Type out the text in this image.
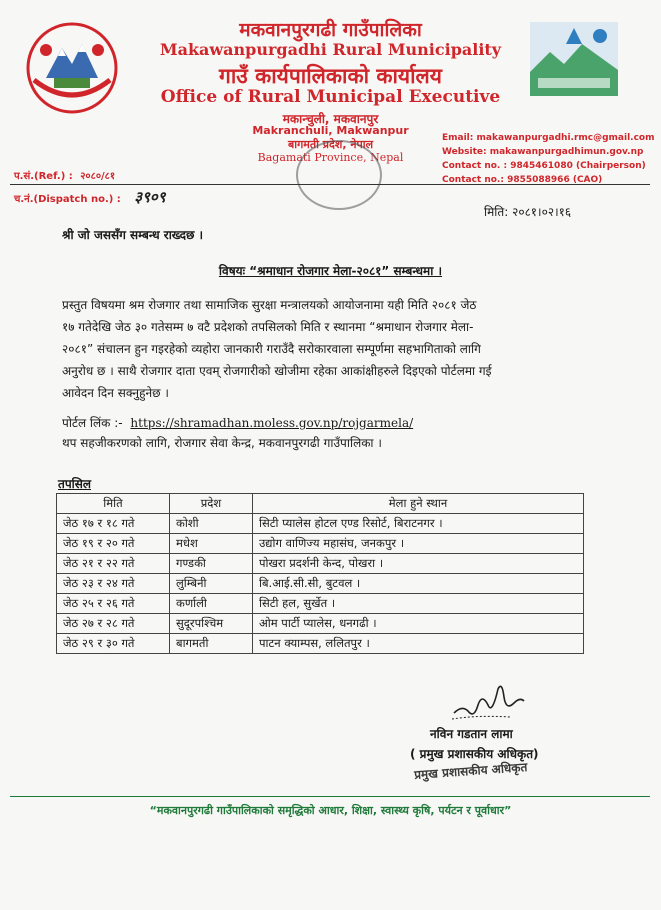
मकवानपुरगढी गाउँपालिका
Makawanpurgadhi Rural Municipality
गाउँ कार्यपालिकाको कार्यालय
Office of Rural Municipal Executive
मकान्चुली, मकवानपुर
Makranchuli, Makwanpur
बागमती प्रदेश, नेपाल
Bagamati Province, Nepal
Email: makawanpurgadhi.rmc@gmail.com
Website: makawanpurgadhimun.gov.np
Contact no. : 9845461080 (Chairperson)
Contact no.: 9855088966 (CAO)
प.सं.(Ref.) : २०८०/८१
च.नं.(Dispatch no.) : ३९०९
मिति: २०८१।०२।१६
श्री जो जससँग सम्बन्ध राख्दछ ।
विषयः “श्रमाधान रोजगार मेला-२०८१” सम्बन्धमा ।
प्रस्तुत विषयमा श्रम रोजगार तथा सामाजिक सुरक्षा मन्त्रालयको आयोजनामा यही मिति २०८१ जेठ
१७ गतेदेखि जेठ ३० गतेसम्म ७ वटै प्रदेशको तपसिलको मिति र स्थानमा “श्रमाधान रोजगार मेला-
२०८१” संचालन हुन गइरहेको व्यहोरा जानकारी गराउँदै सरोकारवाला सम्पूर्णमा सहभागिताको लागि
अनुरोध छ । साथै रोजगार दाता एवम् रोजगारीको खोजीमा रहेका आकांक्षीहरुले दिइएको पोर्टलमा गई
आवेदन दिन सक्नुहुनेछ ।
पोर्टल लिंक :- https://shramadhan.moless.gov.np/rojgarmela/
थप सहजीकरणको लागि, रोजगार सेवा केन्द्र, मकवानपुरगढी गाउँपालिका ।
तपसिल
मिति	प्रदेश	मेला हुने स्थान
जेठ १७ र १८ गते	कोशी	सिटी प्यालेस होटल एण्ड रिसोर्ट, बिराटनगर ।
जेठ १९ र २० गते	मधेश	उद्योग वाणिज्य महासंघ, जनकपुर ।
जेठ २१ र २२ गते	गण्डकी	पोखरा प्रदर्शनी केन्द, पोखरा ।
जेठ २३ र २४ गते	लुम्बिनी	बि.आई.सी.सी, बुटवल ।
जेठ २५ र २६ गते	कर्णाली	सिटी हल, सुर्खेत ।
जेठ २७ र २८ गते	सुदूरपश्चिम	ओम पार्टी प्यालेस, धनगढी ।
जेठ २९ र ३० गते	बागमती	पाटन क्याम्पस, ललितपुर ।
नविन गडतान लामा
( प्रमुख प्रशासकीय अधिकृत)
प्रमुख प्रशासकीय अधिकृत
“मकवानपुरगढी गाउँपालिकाको समृद्धिको आधार, शिक्षा, स्वास्थ्य कृषि, पर्यटन र पूर्वाधार”
